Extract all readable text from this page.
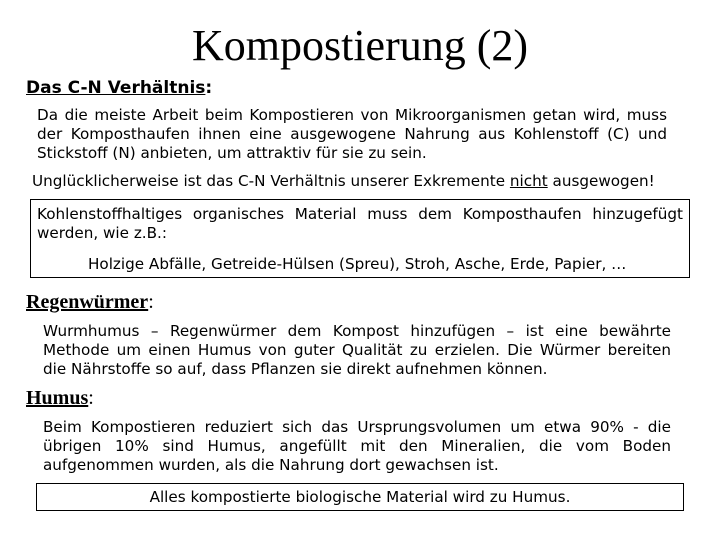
Kompostierung (2)
Das C-N Verhältnis:
Da die meiste Arbeit beim Kompostieren von Mikroorganismen getan wird, muss der Komposthaufen ihnen eine ausgewogene Nahrung aus Kohlenstoff (C) und Stickstoff (N) anbieten, um attraktiv für sie zu sein.
Unglücklicherweise ist das C-N Verhältnis unserer Exkremente nicht ausgewogen!
Kohlenstoffhaltiges organisches Material muss dem Komposthaufen hinzugefügt werden, wie z.B.:
Holzige Abfälle, Getreide-Hülsen (Spreu), Stroh, Asche, Erde, Papier, …
Regenwürmer:
Wurmhumus – Regenwürmer dem Kompost hinzufügen – ist eine bewährte Methode um einen Humus von guter Qualität zu erzielen. Die Würmer bereiten die Nährstoffe so auf, dass Pflanzen sie direkt aufnehmen können.
Humus:
Beim Kompostieren reduziert sich das Ursprungsvolumen um etwa 90% - die übrigen 10% sind Humus, angefüllt mit den Mineralien, die vom Boden aufgenommen wurden, als die Nahrung dort gewachsen ist.
Alles kompostierte biologische Material wird zu Humus.
